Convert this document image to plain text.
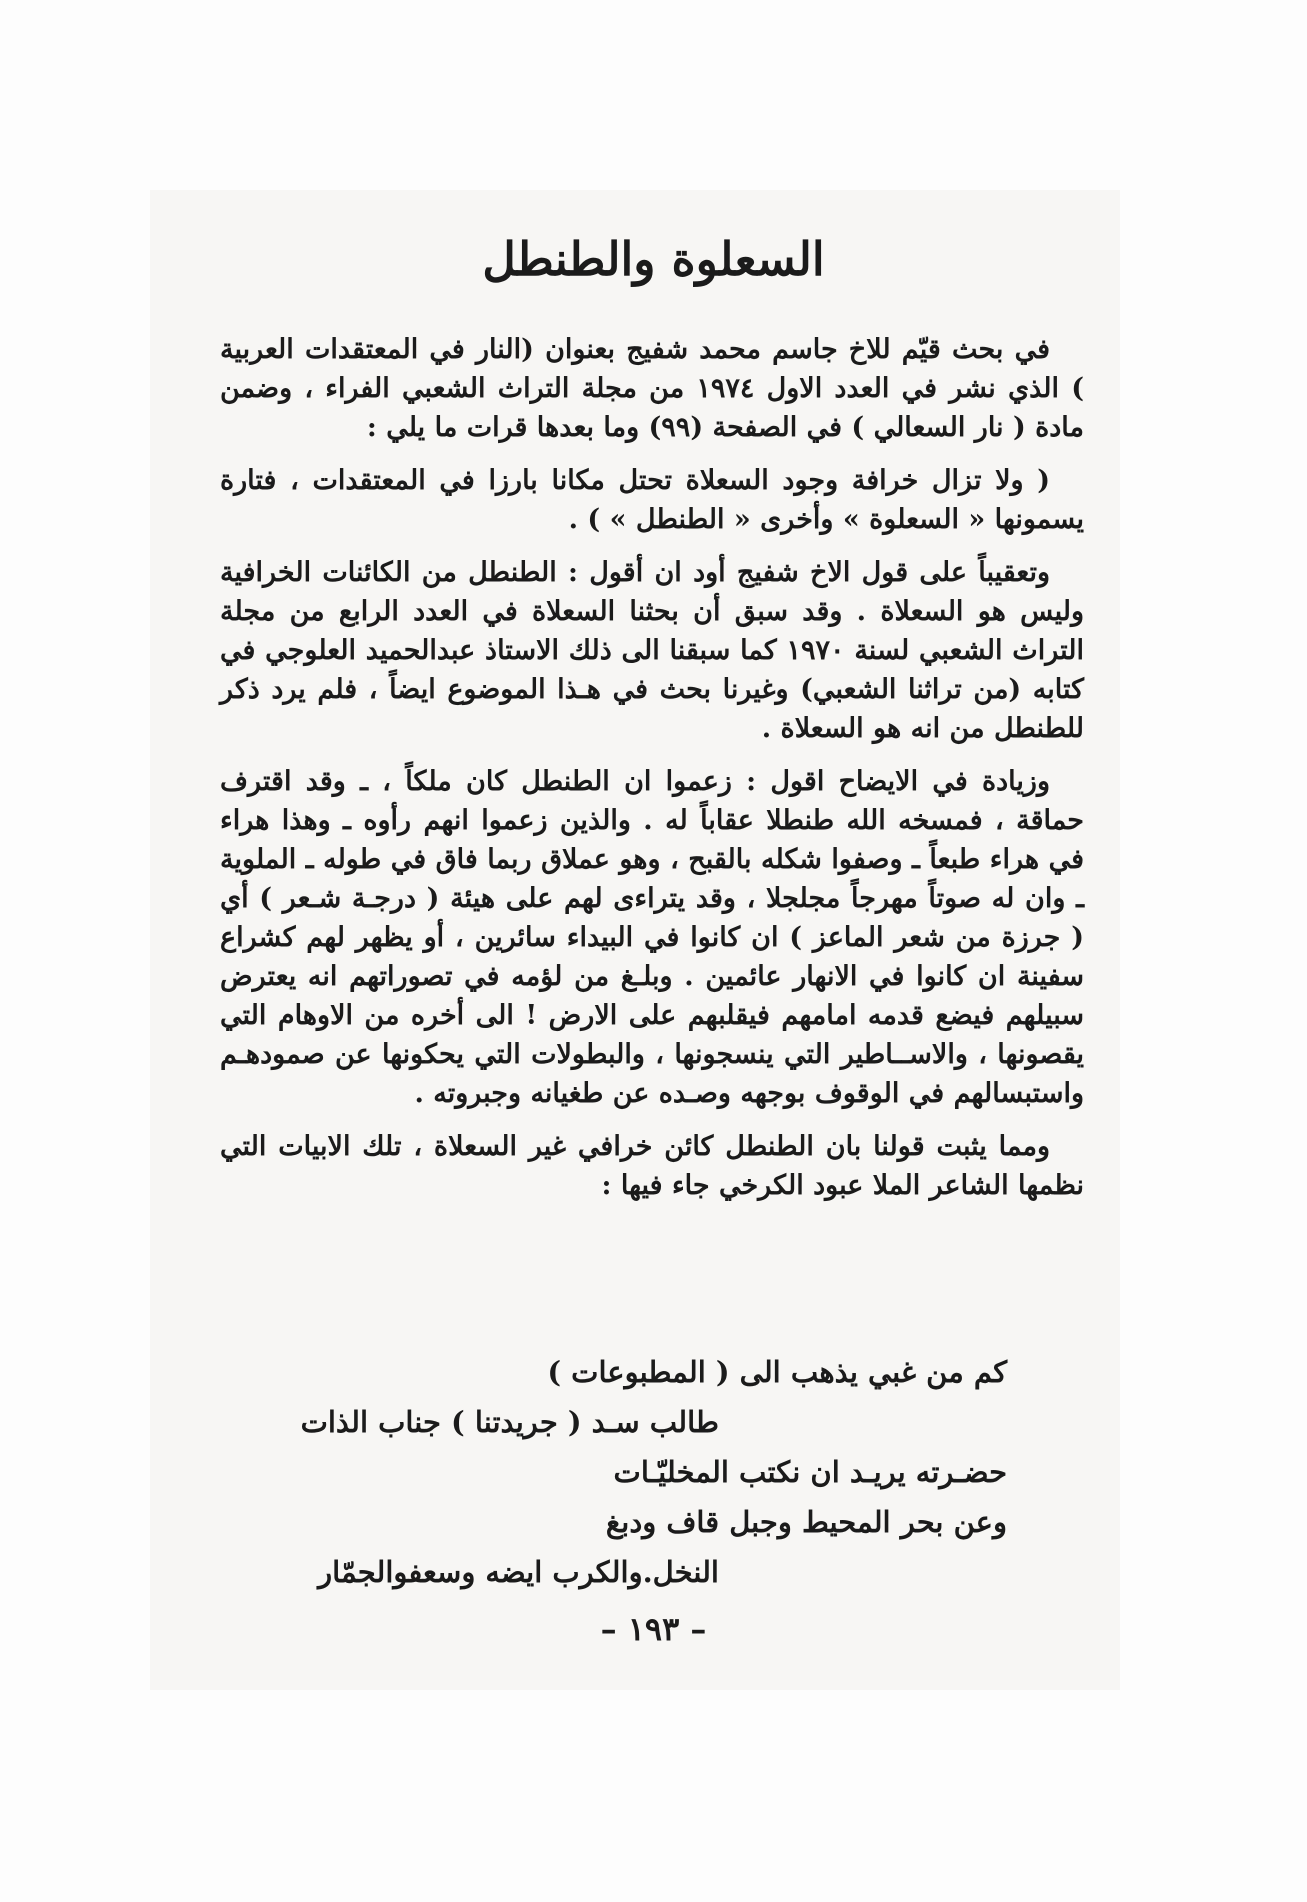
السعلوة والطنطل

في بحث قيّم للاخ جاسم محمد شفيج بعنوان (النار في المعتقدات العربية ) الذي نشر في العدد الاول ١٩٧٤ من مجلة التراث الشعبي الفراء ، وضمن مادة ( نار السعالي ) في الصفحة (٩٩) وما بعدها قرات ما يلي :

( ولا تزال خرافة وجود السعلاة تحتل مكانا بارزا في المعتقدات ، فتارة يسمونها « السعلوة » وأخرى « الطنطل » ) .

وتعقيباً على قول الاخ شفيج أود ان أقول : الطنطل من الكائنات الخرافية وليس هو السعلاة . وقد سبق أن بحثنا السعلاة في العدد الرابع من مجلة التراث الشعبي لسنة ١٩٧٠ كما سبقنا الى ذلك الاستاذ عبدالحميد العلوجي في كتابه (من تراثنا الشعبي) وغيرنا بحث في هـذا الموضوع ايضاً ، فلم يرد ذكر للطنطل من انه هو السعلاة .

وزيادة في الايضاح اقول : زعموا ان الطنطل كان ملكاً ، ـ وقد اقترف حماقة ، فمسخه الله طنطلا عقاباً له . والذين زعموا انهم رأوه ـ وهذا هراء في هراء طبعاً ـ وصفوا شكله بالقبح ، وهو عملاق ربما فاق في طوله ـ الملوية ـ وان له صوتاً مهرجاً مجلجلا ، وقد يتراءى لهم على هيئة ( درجـة شـعر ) أي ( جرزة من شعر الماعز ) ان كانوا في البيداء سائرين ، أو يظهر لهم كشراع سفينة ان كانوا في الانهار عائمين . وبلـغ من لؤمه في تصوراتهم انه يعترض سبيلهم فيضع قدمه امامهم فيقلبهم على الارض ! الى أخره من الاوهام التي يقصونها ، والاســاطير التي ينسجونها ، والبطولات التي يحكونها عن صمودهـم واستبسالهم في الوقوف بوجهه وصـده عن طغيانه وجبروته .

ومما يثبت قولنا بان الطنطل كائن خرافي غير السعلاة ، تلك الابيات التي نظمها الشاعر الملا عبود الكرخي جاء فيها :

كم من غبي يذهب الى ( المطبوعات )
طالب سـد ( جريدتنا ) جناب الذات
حضـرته يريـد ان نكتب المخليّـات
وعن بحر المحيط وجبل قاف ودبغ
النخل.والكرب ايضه وسعفوالجمّار
– ١٩٣ –
